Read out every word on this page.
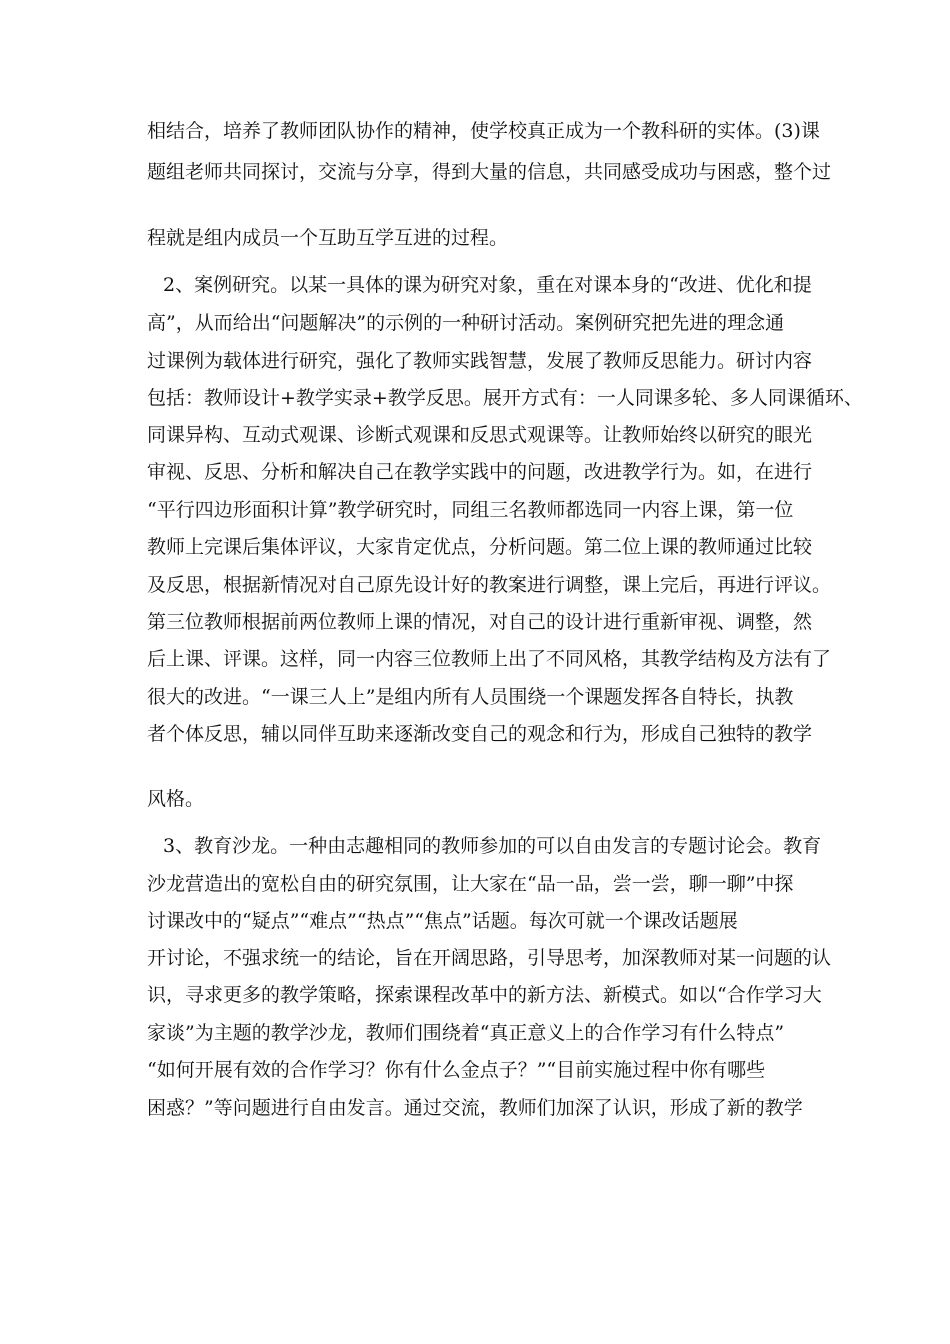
相结合，培养了教师团队协作的精神，使学校真正成为一个教科研的实体。(3)课
题组老师共同探讨，交流与分享，得到大量的信息，共同感受成功与困惑，整个过
程就是组内成员一个互助互学互进的过程。
2、案例研究。以某一具体的课为研究对象，重在对课本身的“改进、优化和提
高”，从而给出“问题解决”的示例的一种研讨活动。案例研究把先进的理念通
过课例为载体进行研究，强化了教师实践智慧，发展了教师反思能力。研讨内容
包括：教师设计+教学实录+教学反思。展开方式有：一人同课多轮、多人同课循环、
同课异构、互动式观课、诊断式观课和反思式观课等。让教师始终以研究的眼光
审视、反思、分析和解决自己在教学实践中的问题，改进教学行为。如，在进行
“平行四边形面积计算”教学研究时，同组三名教师都选同一内容上课，第一位
教师上完课后集体评议，大家肯定优点，分析问题。第二位上课的教师通过比较
及反思，根据新情况对自己原先设计好的教案进行调整，课上完后，再进行评议。
第三位教师根据前两位教师上课的情况，对自己的设计进行重新审视、调整，然
后上课、评课。这样，同一内容三位教师上出了不同风格，其教学结构及方法有了
很大的改进。“一课三人上”是组内所有人员围绕一个课题发挥各自特长，执教
者个体反思，辅以同伴互助来逐渐改变自己的观念和行为，形成自己独特的教学
风格。
3、教育沙龙。一种由志趣相同的教师参加的可以自由发言的专题讨论会。教育
沙龙营造出的宽松自由的研究氛围，让大家在“品一品，尝一尝，聊一聊”中探
讨课改中的“疑点”“难点”“热点”“焦点”话题。每次可就一个课改话题展
开讨论，不强求统一的结论，旨在开阔思路，引导思考，加深教师对某一问题的认
识，寻求更多的教学策略，探索课程改革中的新方法、新模式。如以“合作学习大
家谈”为主题的教学沙龙，教师们围绕着“真正意义上的合作学习有什么特点”
“如何开展有效的合作学习？你有什么金点子？”“目前实施过程中你有哪些
困惑？”等问题进行自由发言。通过交流，教师们加深了认识，形成了新的教学
